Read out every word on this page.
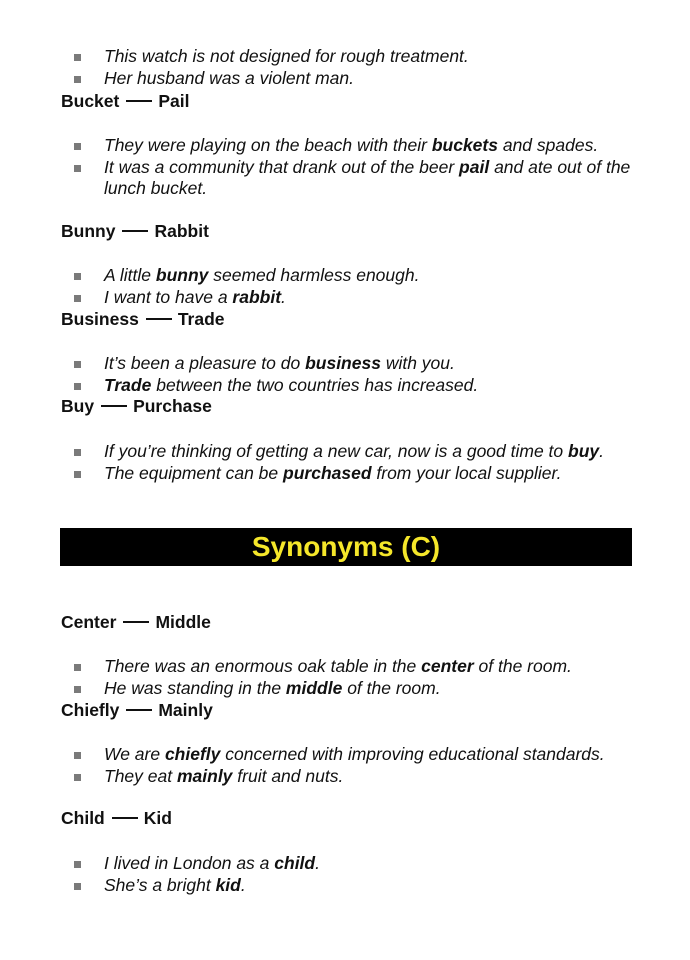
This watch is not designed for rough treatment.
Her husband was a violent man.
Bucket Pail
They were playing on the beach with their buckets and spades.
It was a community that drank out of the beer pail and ate out of the lunch bucket.
Bunny Rabbit
A little bunny seemed harmless enough.
I want to have a rabbit.
Business Trade
It’s been a pleasure to do business with you.
Trade between the two countries has increased.
Buy Purchase
If you’re thinking of getting a new car, now is a good time to buy.
The equipment can be purchased from your local supplier.
Synonyms (C)
Center Middle
There was an enormous oak table in the center of the room.
He was standing in the middle of the room.
Chiefly Mainly
We are chiefly concerned with improving educational standards.
They eat mainly fruit and nuts.
Child Kid
I lived in London as a child.
She’s a bright kid.
